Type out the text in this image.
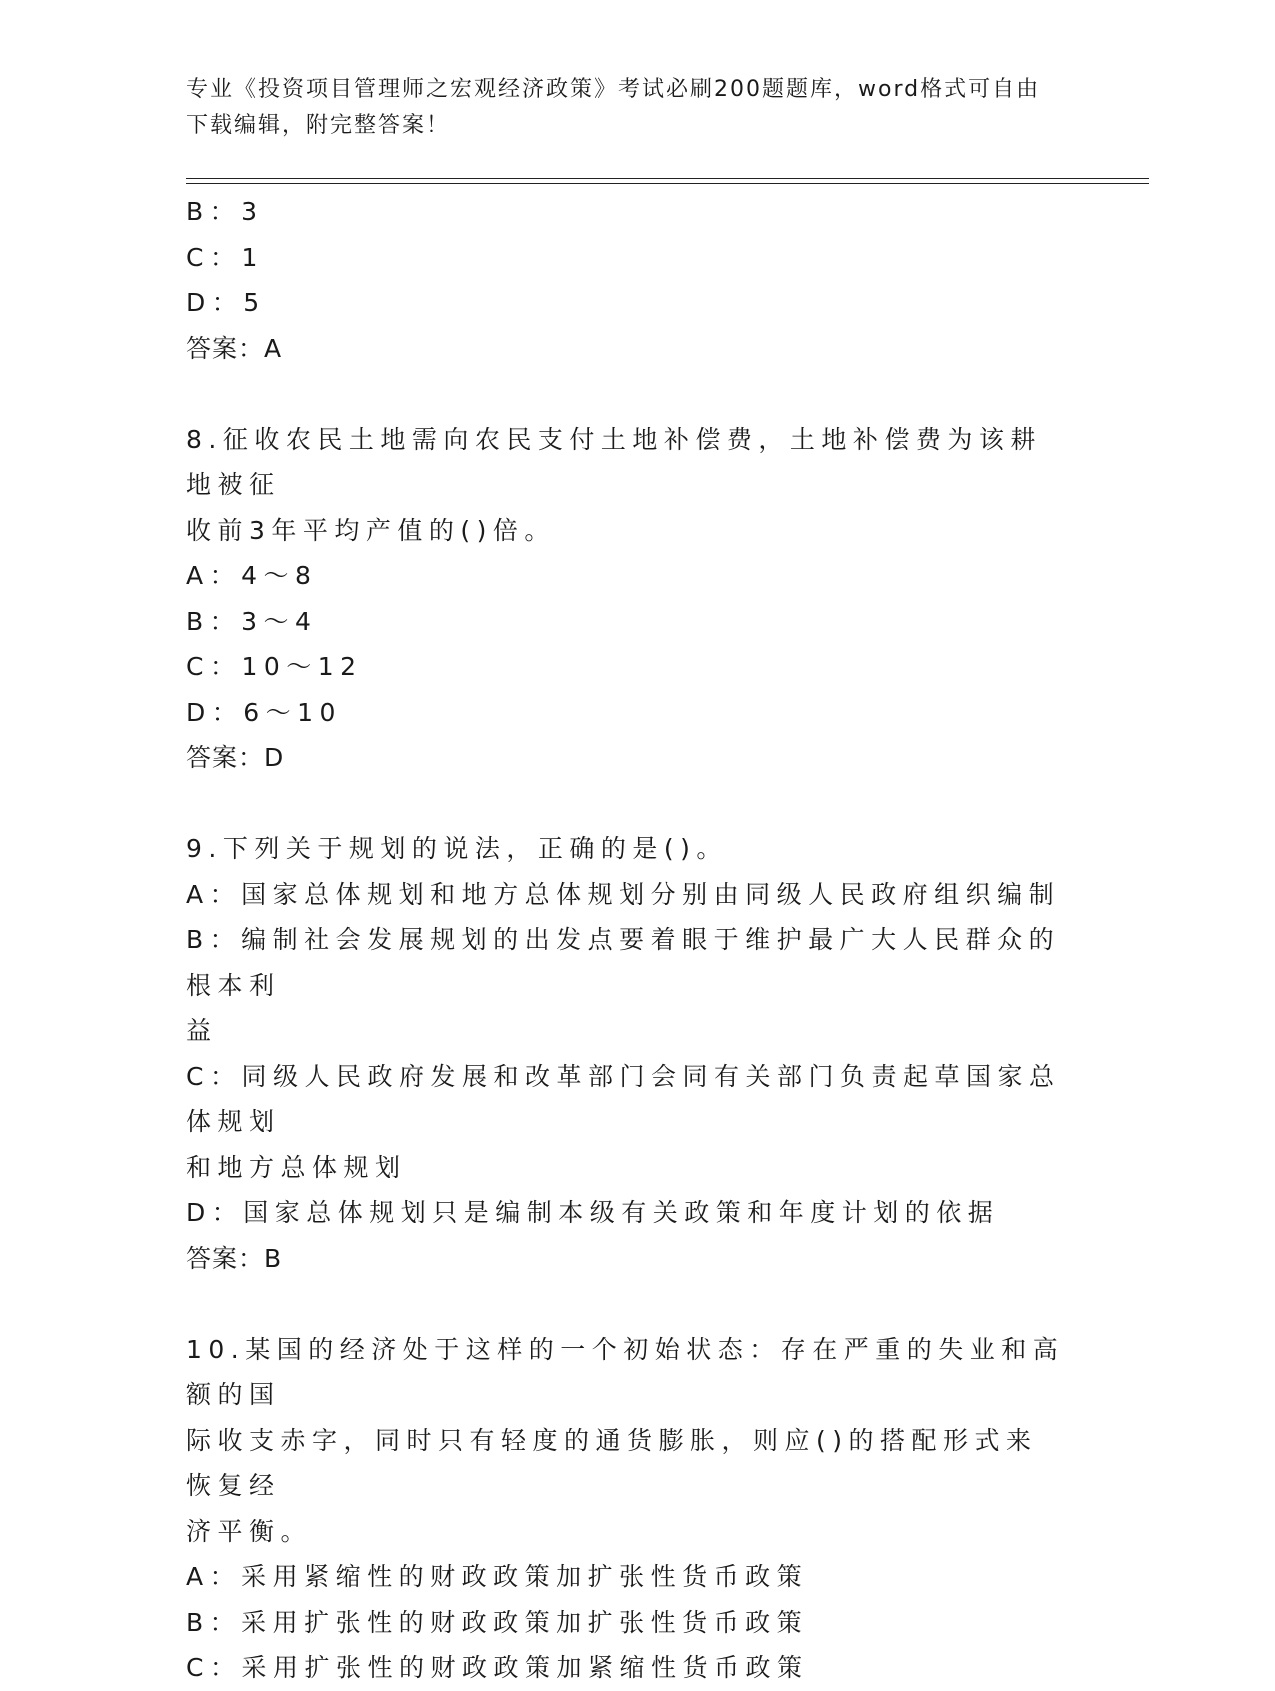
专业《投资项目管理师之宏观经济政策》考试必刷200题题库，word格式可自由
下载编辑，附完整答案！
B：3
C：1
D：5
答案：A
8.征收农民土地需向农民支付土地补偿费，土地补偿费为该耕地被征
收前3年平均产值的()倍。
A：4～8
B：3～4
C：10～12
D：6～10
答案：D
9.下列关于规划的说法，正确的是()。
A：国家总体规划和地方总体规划分别由同级人民政府组织编制
B：编制社会发展规划的出发点要着眼于维护最广大人民群众的根本利
益
C：同级人民政府发展和改革部门会同有关部门负责起草国家总体规划
和地方总体规划
D：国家总体规划只是编制本级有关政策和年度计划的依据
答案：B
10.某国的经济处于这样的一个初始状态：存在严重的失业和高额的国
际收支赤字，同时只有轻度的通货膨胀，则应()的搭配形式来恢复经
济平衡。
A：采用紧缩性的财政政策加扩张性货币政策
B：采用扩张性的财政政策加扩张性货币政策
C：采用扩张性的财政政策加紧缩性货币政策
